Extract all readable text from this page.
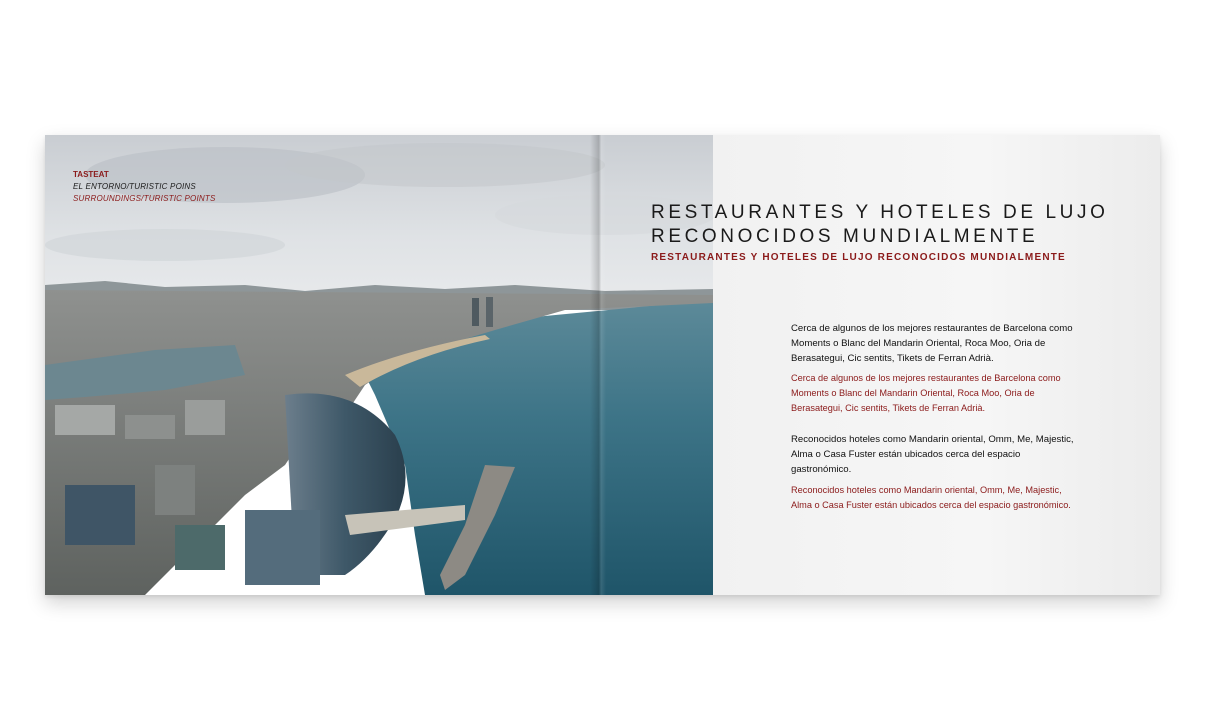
TASTEAT
EL ENTORNO/TURISTIC POINS
SURROUNDINGS/TURISTIC POINTS
RESTAURANTES Y HOTELES DE LUJO
RECONOCIDOS MUNDIALMENTE
RESTAURANTES Y HOTELES DE LUJO RECONOCIDOS MUNDIALMENTE
Cerca de algunos de los mejores restaurantes de Barcelona como Moments o Blanc del Mandarin Oriental, Roca Moo, Oria de Berasategui, Cic sentits, Tikets de Ferran Adrià.
Cerca de algunos de los mejores restaurantes de Barcelona como Moments o Blanc del Mandarin Oriental, Roca Moo, Oria de Berasategui, Cic sentits, Tikets de Ferran Adrià.
Reconocidos hoteles como Mandarin oriental, Omm, Me, Majestic, Alma o Casa Fuster están ubicados cerca del espacio gastronómico.
Reconocidos hoteles como Mandarin oriental, Omm, Me, Majestic, Alma o Casa Fuster están ubicados cerca del espacio gastronómico.
